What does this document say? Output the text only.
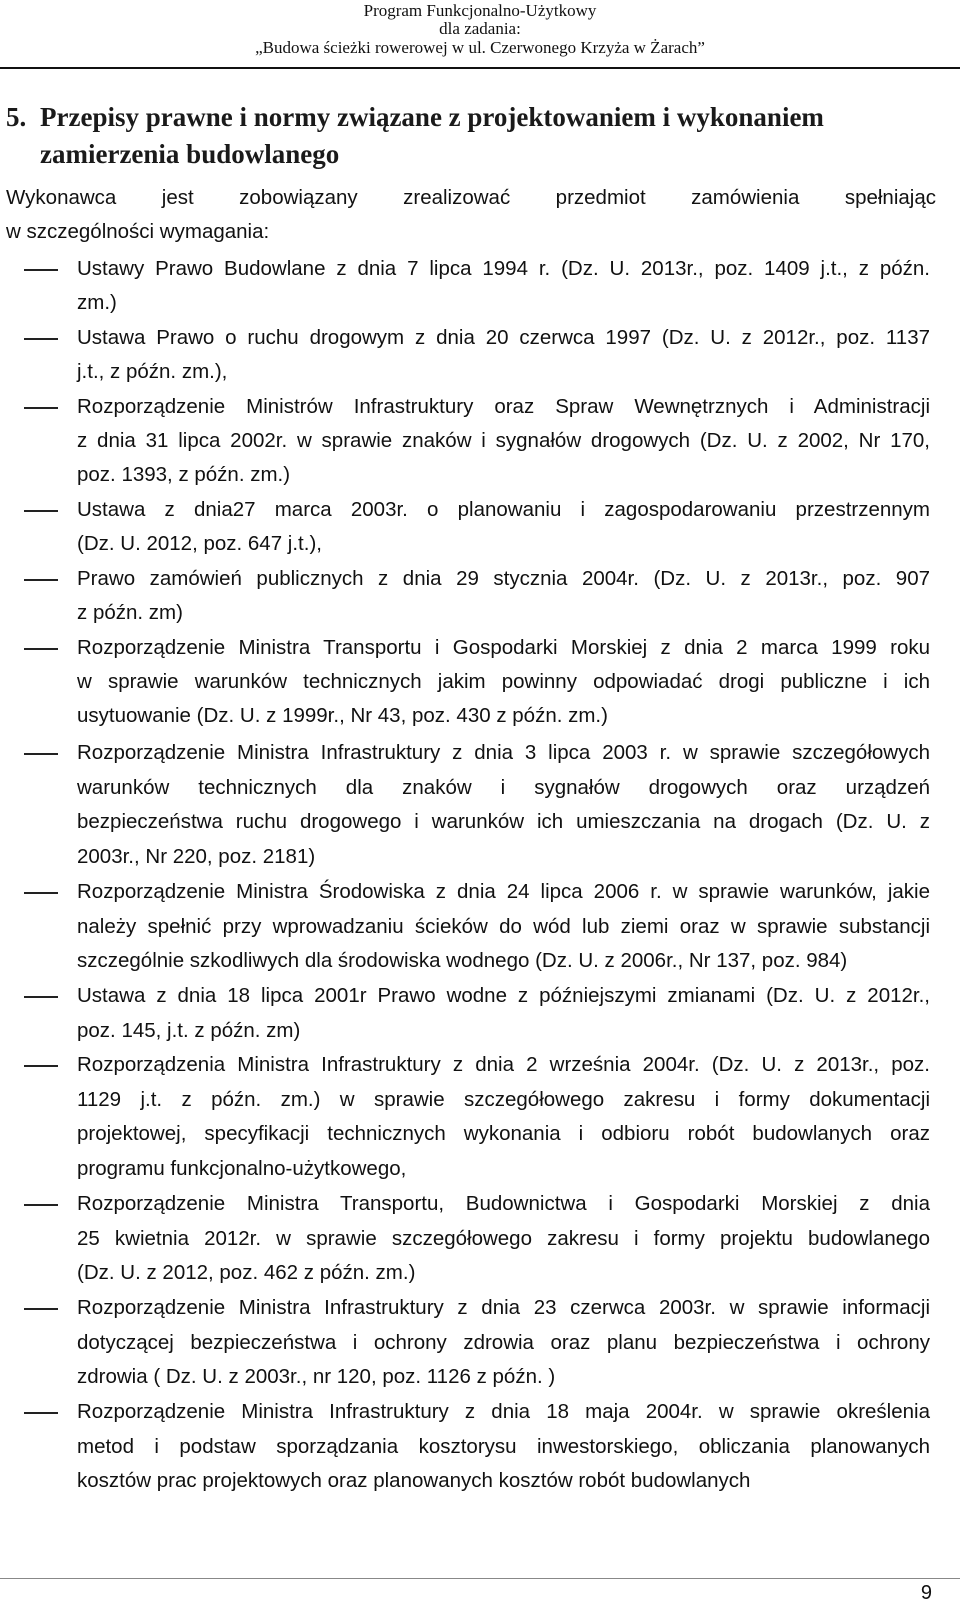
Program Funkcjonalno-Użytkowy
dla zadania:
„Budowa ścieżki rowerowej w ul. Czerwonego Krzyża w Żarach”
5. Przepisy prawne i normy związane z projektowaniem i wykonaniem
zamierzenia budowlanego
Wykonawca jest zobowiązany zrealizować przedmiot zamówienia spełniając
w szczególności wymagania:
Ustawy Prawo Budowlane z dnia 7 lipca 1994 r. (Dz. U. 2013r., poz. 1409 j.t., z późn.
zm.)
Ustawa Prawo o ruchu drogowym z dnia 20 czerwca 1997 (Dz. U. z 2012r., poz. 1137
j.t., z późn. zm.),
Rozporządzenie Ministrów Infrastruktury oraz Spraw Wewnętrznych i Administracji
z dnia 31 lipca 2002r. w sprawie znaków i sygnałów drogowych (Dz. U. z 2002, Nr 170,
poz. 1393, z późn. zm.)
Ustawa z dnia27 marca 2003r. o planowaniu i zagospodarowaniu przestrzennym
(Dz. U. 2012, poz. 647 j.t.),
Prawo zamówień publicznych z dnia 29 stycznia 2004r. (Dz. U. z 2013r., poz. 907
z późn. zm)
Rozporządzenie Ministra Transportu i Gospodarki Morskiej z dnia 2 marca 1999 roku
w sprawie warunków technicznych jakim powinny odpowiadać drogi publiczne i ich
usytuowanie (Dz. U. z 1999r., Nr 43, poz. 430 z późn. zm.)
Rozporządzenie Ministra Infrastruktury z dnia 3 lipca 2003 r. w sprawie szczegółowych
warunków technicznych dla znaków i sygnałów drogowych oraz urządzeń
bezpieczeństwa ruchu drogowego i warunków ich umieszczania na drogach (Dz. U. z
2003r., Nr 220, poz. 2181)
Rozporządzenie Ministra Środowiska z dnia 24 lipca 2006 r. w sprawie warunków, jakie
należy spełnić przy wprowadzaniu ścieków do wód lub ziemi oraz w sprawie substancji
szczególnie szkodliwych dla środowiska wodnego (Dz. U. z 2006r., Nr 137, poz. 984)
Ustawa z dnia 18 lipca 2001r Prawo wodne z późniejszymi zmianami (Dz. U. z 2012r.,
poz. 145, j.t. z późn. zm)
Rozporządzenia Ministra Infrastruktury z dnia 2 września 2004r. (Dz. U. z 2013r., poz.
1129 j.t. z późn. zm.) w sprawie szczegółowego zakresu i formy dokumentacji
projektowej, specyfikacji technicznych wykonania i odbioru robót budowlanych oraz
programu funkcjonalno-użytkowego,
Rozporządzenie Ministra Transportu, Budownictwa i Gospodarki Morskiej z dnia
25 kwietnia 2012r. w sprawie szczegółowego zakresu i formy projektu budowlanego
(Dz. U. z 2012, poz. 462 z późn. zm.)
Rozporządzenie Ministra Infrastruktury z dnia 23 czerwca 2003r. w sprawie informacji
dotyczącej bezpieczeństwa i ochrony zdrowia oraz planu bezpieczeństwa i ochrony
zdrowia ( Dz. U. z 2003r., nr 120, poz. 1126 z późn. )
Rozporządzenie Ministra Infrastruktury z dnia 18 maja 2004r. w sprawie określenia
metod i podstaw sporządzania kosztorysu inwestorskiego, obliczania planowanych
kosztów prac projektowych oraz planowanych kosztów robót budowlanych
9
